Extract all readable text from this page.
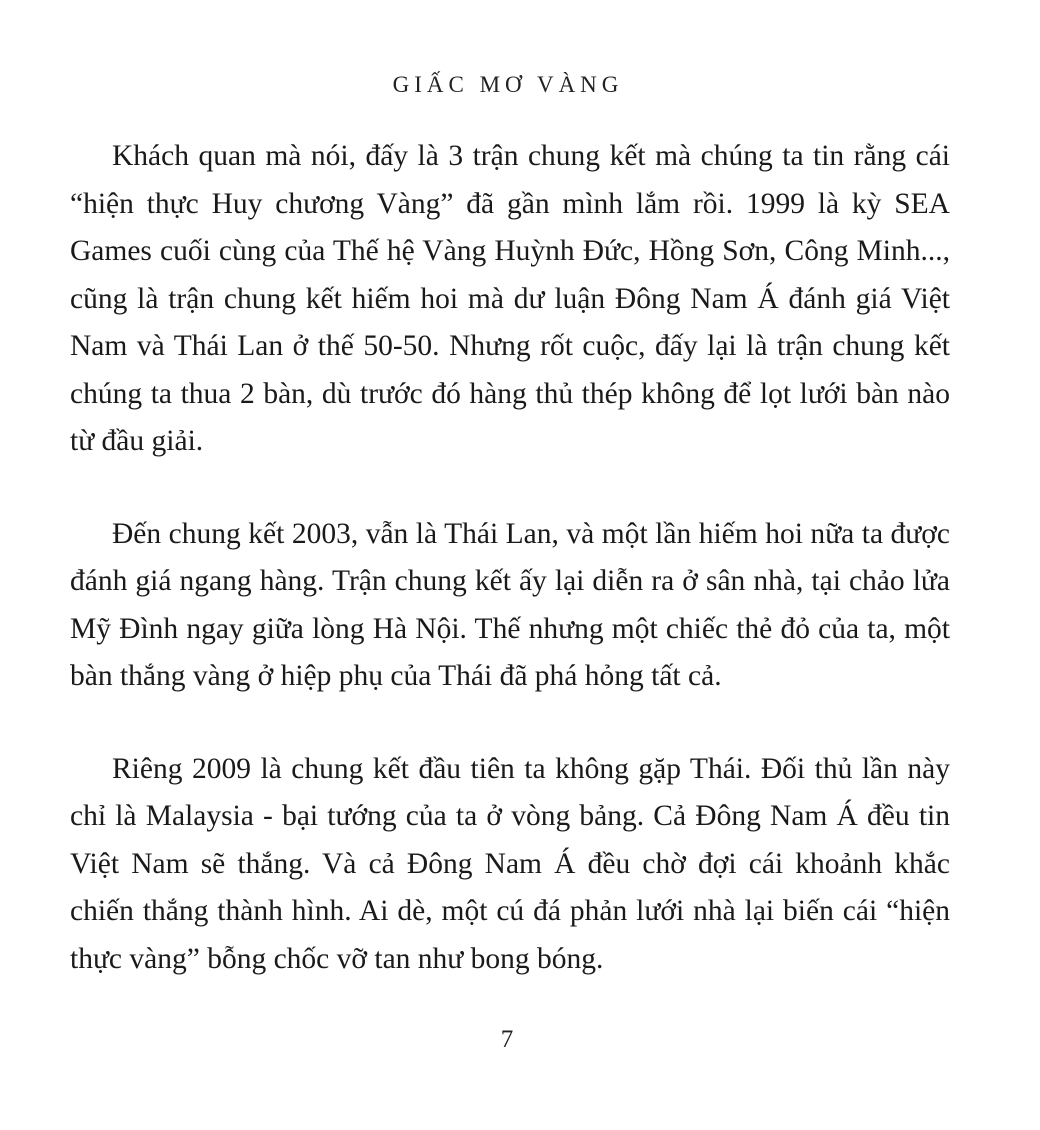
GIẤC MƠ VÀNG

Khách quan mà nói, đấy là 3 trận chung kết mà chúng ta tin rằng cái “hiện thực Huy chương Vàng” đã gần mình lắm rồi. 1999 là kỳ SEA Games cuối cùng của Thế hệ Vàng Huỳnh Đức, Hồng Sơn, Công Minh..., cũng là trận chung kết hiếm hoi mà dư luận Đông Nam Á đánh giá Việt Nam và Thái Lan ở thế 50-50. Nhưng rốt cuộc, đấy lại là trận chung kết chúng ta thua 2 bàn, dù trước đó hàng thủ thép không để lọt lưới bàn nào từ đầu giải.

Đến chung kết 2003, vẫn là Thái Lan, và một lần hiếm hoi nữa ta được đánh giá ngang hàng. Trận chung kết ấy lại diễn ra ở sân nhà, tại chảo lửa Mỹ Đình ngay giữa lòng Hà Nội. Thế nhưng một chiếc thẻ đỏ của ta, một bàn thắng vàng ở hiệp phụ của Thái đã phá hỏng tất cả.

Riêng 2009 là chung kết đầu tiên ta không gặp Thái. Đối thủ lần này chỉ là Malaysia - bại tướng của ta ở vòng bảng. Cả Đông Nam Á đều tin Việt Nam sẽ thắng. Và cả Đông Nam Á đều chờ đợi cái khoảnh khắc chiến thắng thành hình. Ai dè, một cú đá phản lưới nhà lại biến cái “hiện thực vàng” bỗng chốc vỡ tan như bong bóng.

7
